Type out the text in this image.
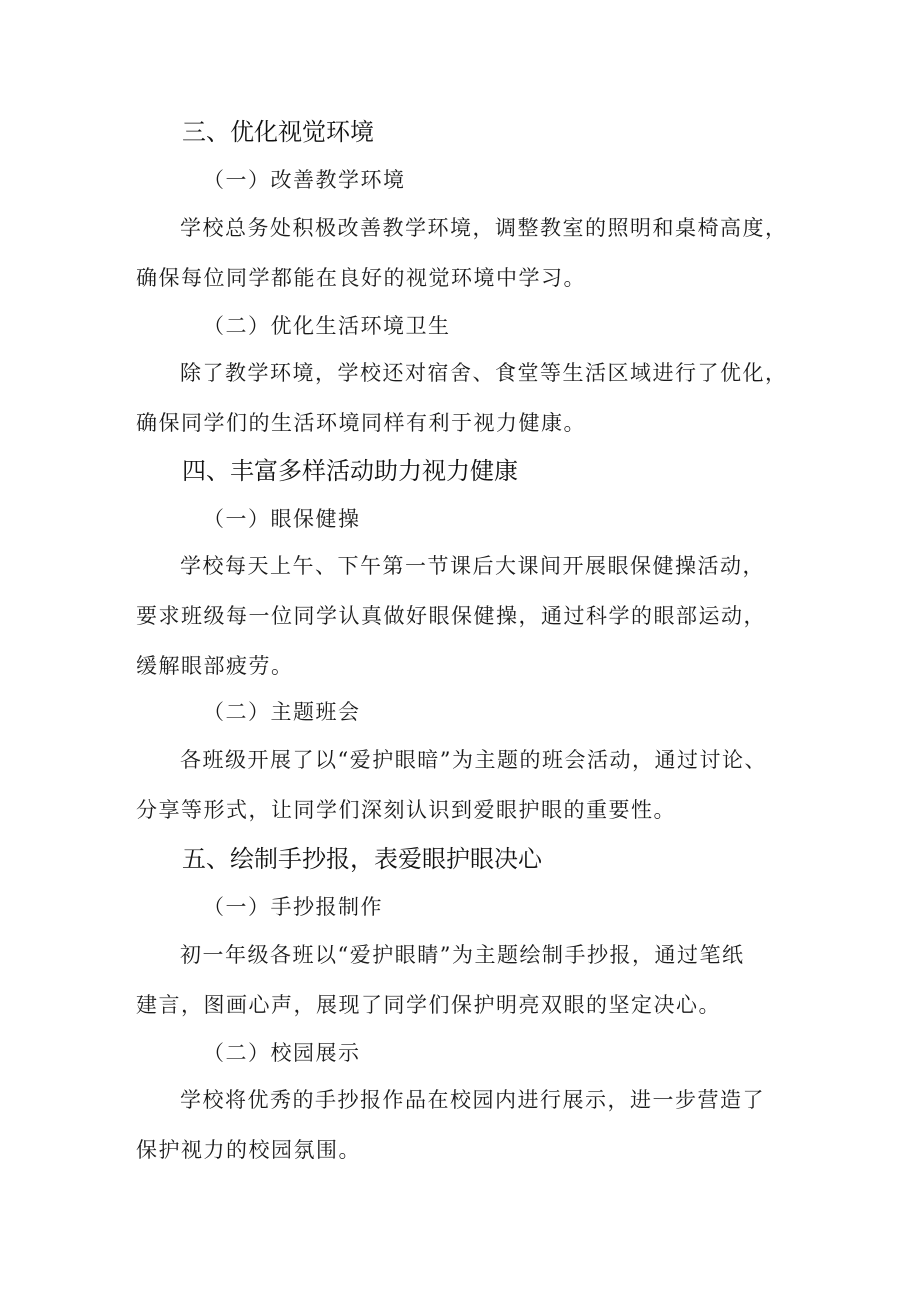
三、优化视觉环境
（一）改善教学环境
学校总务处积极改善教学环境，调整教室的照明和桌椅高度，
确保每位同学都能在良好的视觉环境中学习。
（二）优化生活环境卫生
除了教学环境，学校还对宿舍、食堂等生活区域进行了优化，
确保同学们的生活环境同样有利于视力健康。
四、丰富多样活动助力视力健康
（一）眼保健操
学校每天上午、下午第一节课后大课间开展眼保健操活动，
要求班级每一位同学认真做好眼保健操，通过科学的眼部运动，
缓解眼部疲劳。
（二）主题班会
各班级开展了以“爱护眼暗”为主题的班会活动，通过讨论、
分享等形式，让同学们深刻认识到爱眼护眼的重要性。
五、绘制手抄报，表爱眼护眼决心
（一）手抄报制作
初一年级各班以“爱护眼睛”为主题绘制手抄报，通过笔纸
建言，图画心声，展现了同学们保护明亮双眼的坚定决心。
（二）校园展示
学校将优秀的手抄报作品在校园内进行展示，进一步营造了
保护视力的校园氛围。
